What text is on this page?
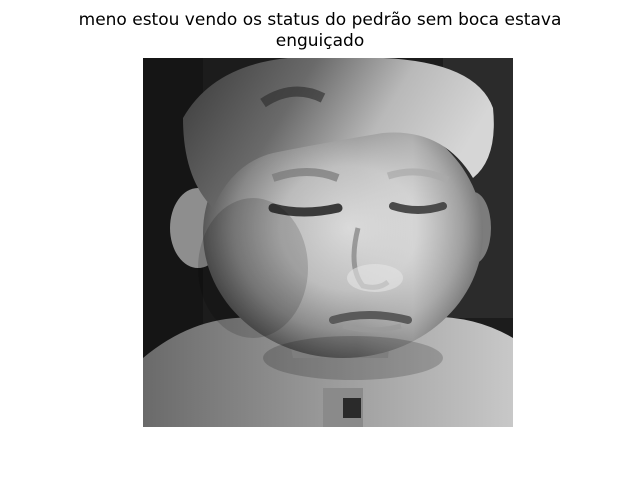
meno estou vendo os status do pedrão sem boca estava
enguiçado
